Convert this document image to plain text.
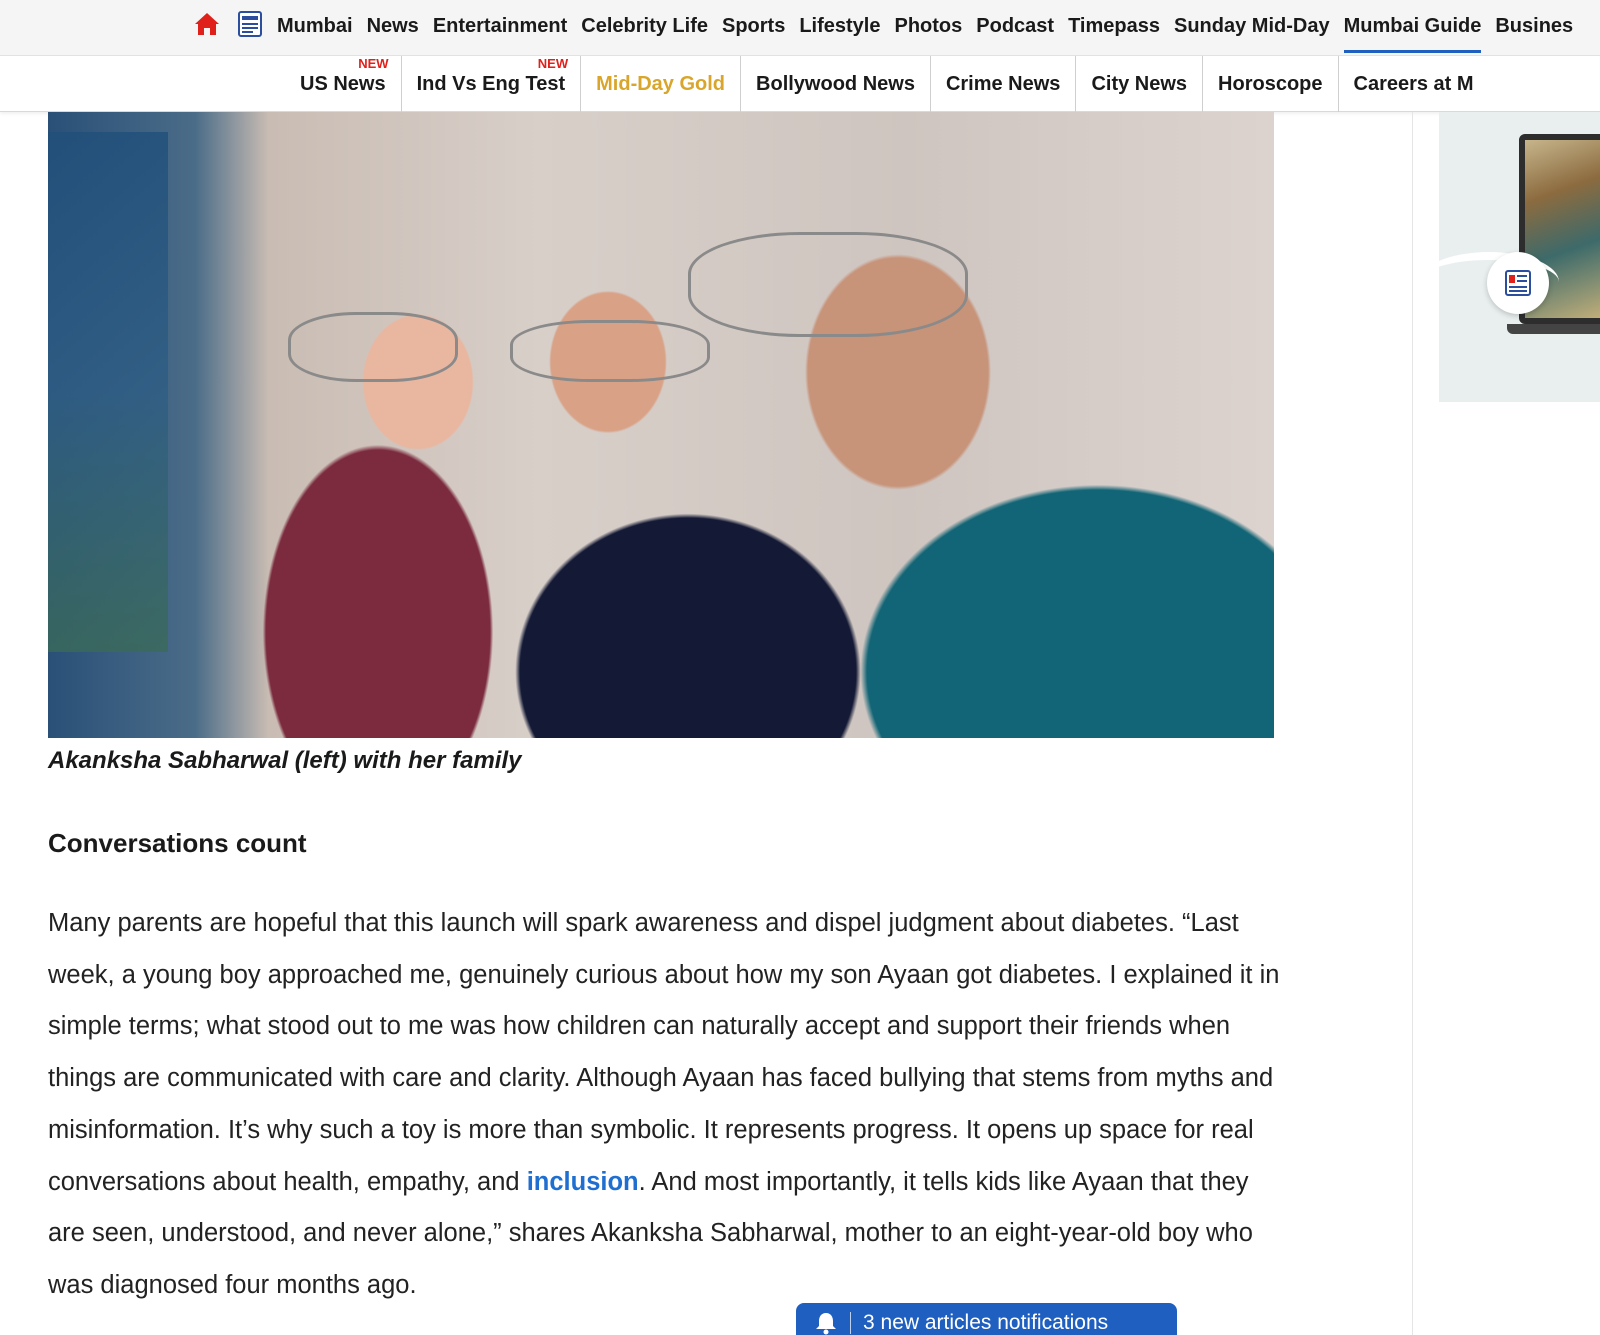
Mumbai News Entertainment Celebrity Life Sports Lifestyle Photos Podcast Timepass Sunday Mid-Day Mumbai Guide Busines
NEW
US News
NEW
Ind Vs Eng Test	Mid-Day Gold	Bollywood News	Crime News	City News	Horoscope	Careers at M
Akanksha Sabharwal (left) with her family
Conversations count

Many parents are hopeful that this launch will spark awareness and dispel judgment about diabetes. “Last week, a young boy approached me, genuinely curious about how my son Ayaan got diabetes. I explained it in simple terms; what stood out to me was how children can naturally accept and support their friends when things are communicated with care and clarity. Although Ayaan has faced bullying that stems from myths and misinformation. It’s why such a toy is more than symbolic. It represents progress. It opens up space for real conversations about health, empathy, and inclusion. And most importantly, it tells kids like Ayaan that they are seen, understood, and never alone,” shares Akanksha Sabharwal, mother to an eight-year-old boy who was diagnosed four months ago.

3 new articles notifications
